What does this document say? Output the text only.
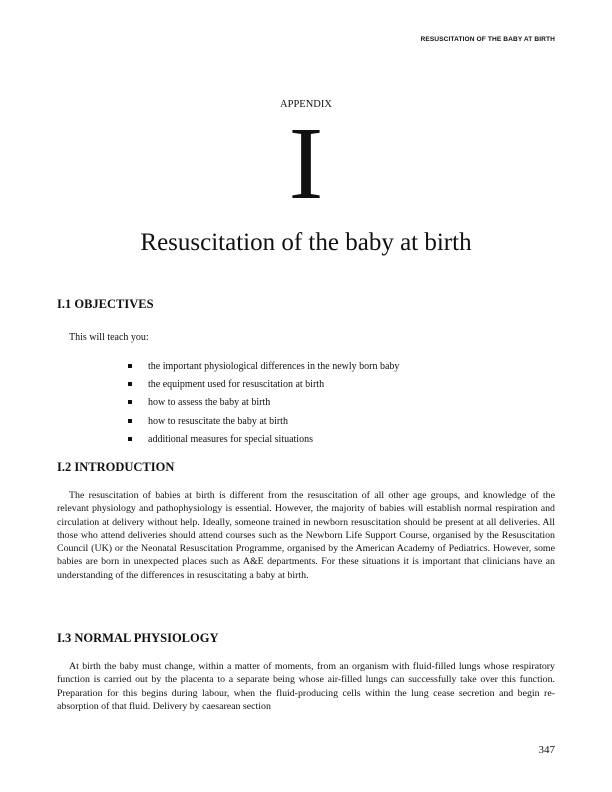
RESUSCITATION OF THE BABY AT BIRTH
APPENDIX
I
Resuscitation of the baby at birth
I.1 OBJECTIVES
This will teach you:
the important physiological differences in the newly born baby
the equipment used for resuscitation at birth
how to assess the baby at birth
how to resuscitate the baby at birth
additional measures for special situations
I.2 INTRODUCTION

The resuscitation of babies at birth is different from the resuscitation of all other age groups, and knowledge of the relevant physiology and pathophysiology is essential. However, the majority of babies will establish normal respiration and circulation at delivery without help. Ideally, someone trained in newborn resuscitation should be present at all deliveries. All those who attend deliveries should attend courses such as the Newborn Life Support Course, organised by the Resuscitation Council (UK) or the Neonatal Resuscitation Programme, organised by the American Academy of Pediatrics. However, some babies are born in unexpected places such as A&E departments. For these situations it is important that clinicians have an understanding of the differences in resuscitating a baby at birth.

I.3 NORMAL PHYSIOLOGY

At birth the baby must change, within a matter of moments, from an organism with fluid-filled lungs whose respiratory function is carried out by the placenta to a separate being whose air-filled lungs can successfully take over this function. Preparation for this begins during labour, when the fluid-producing cells within the lung cease secretion and begin re-absorption of that fluid. Delivery by caesarean section

347
